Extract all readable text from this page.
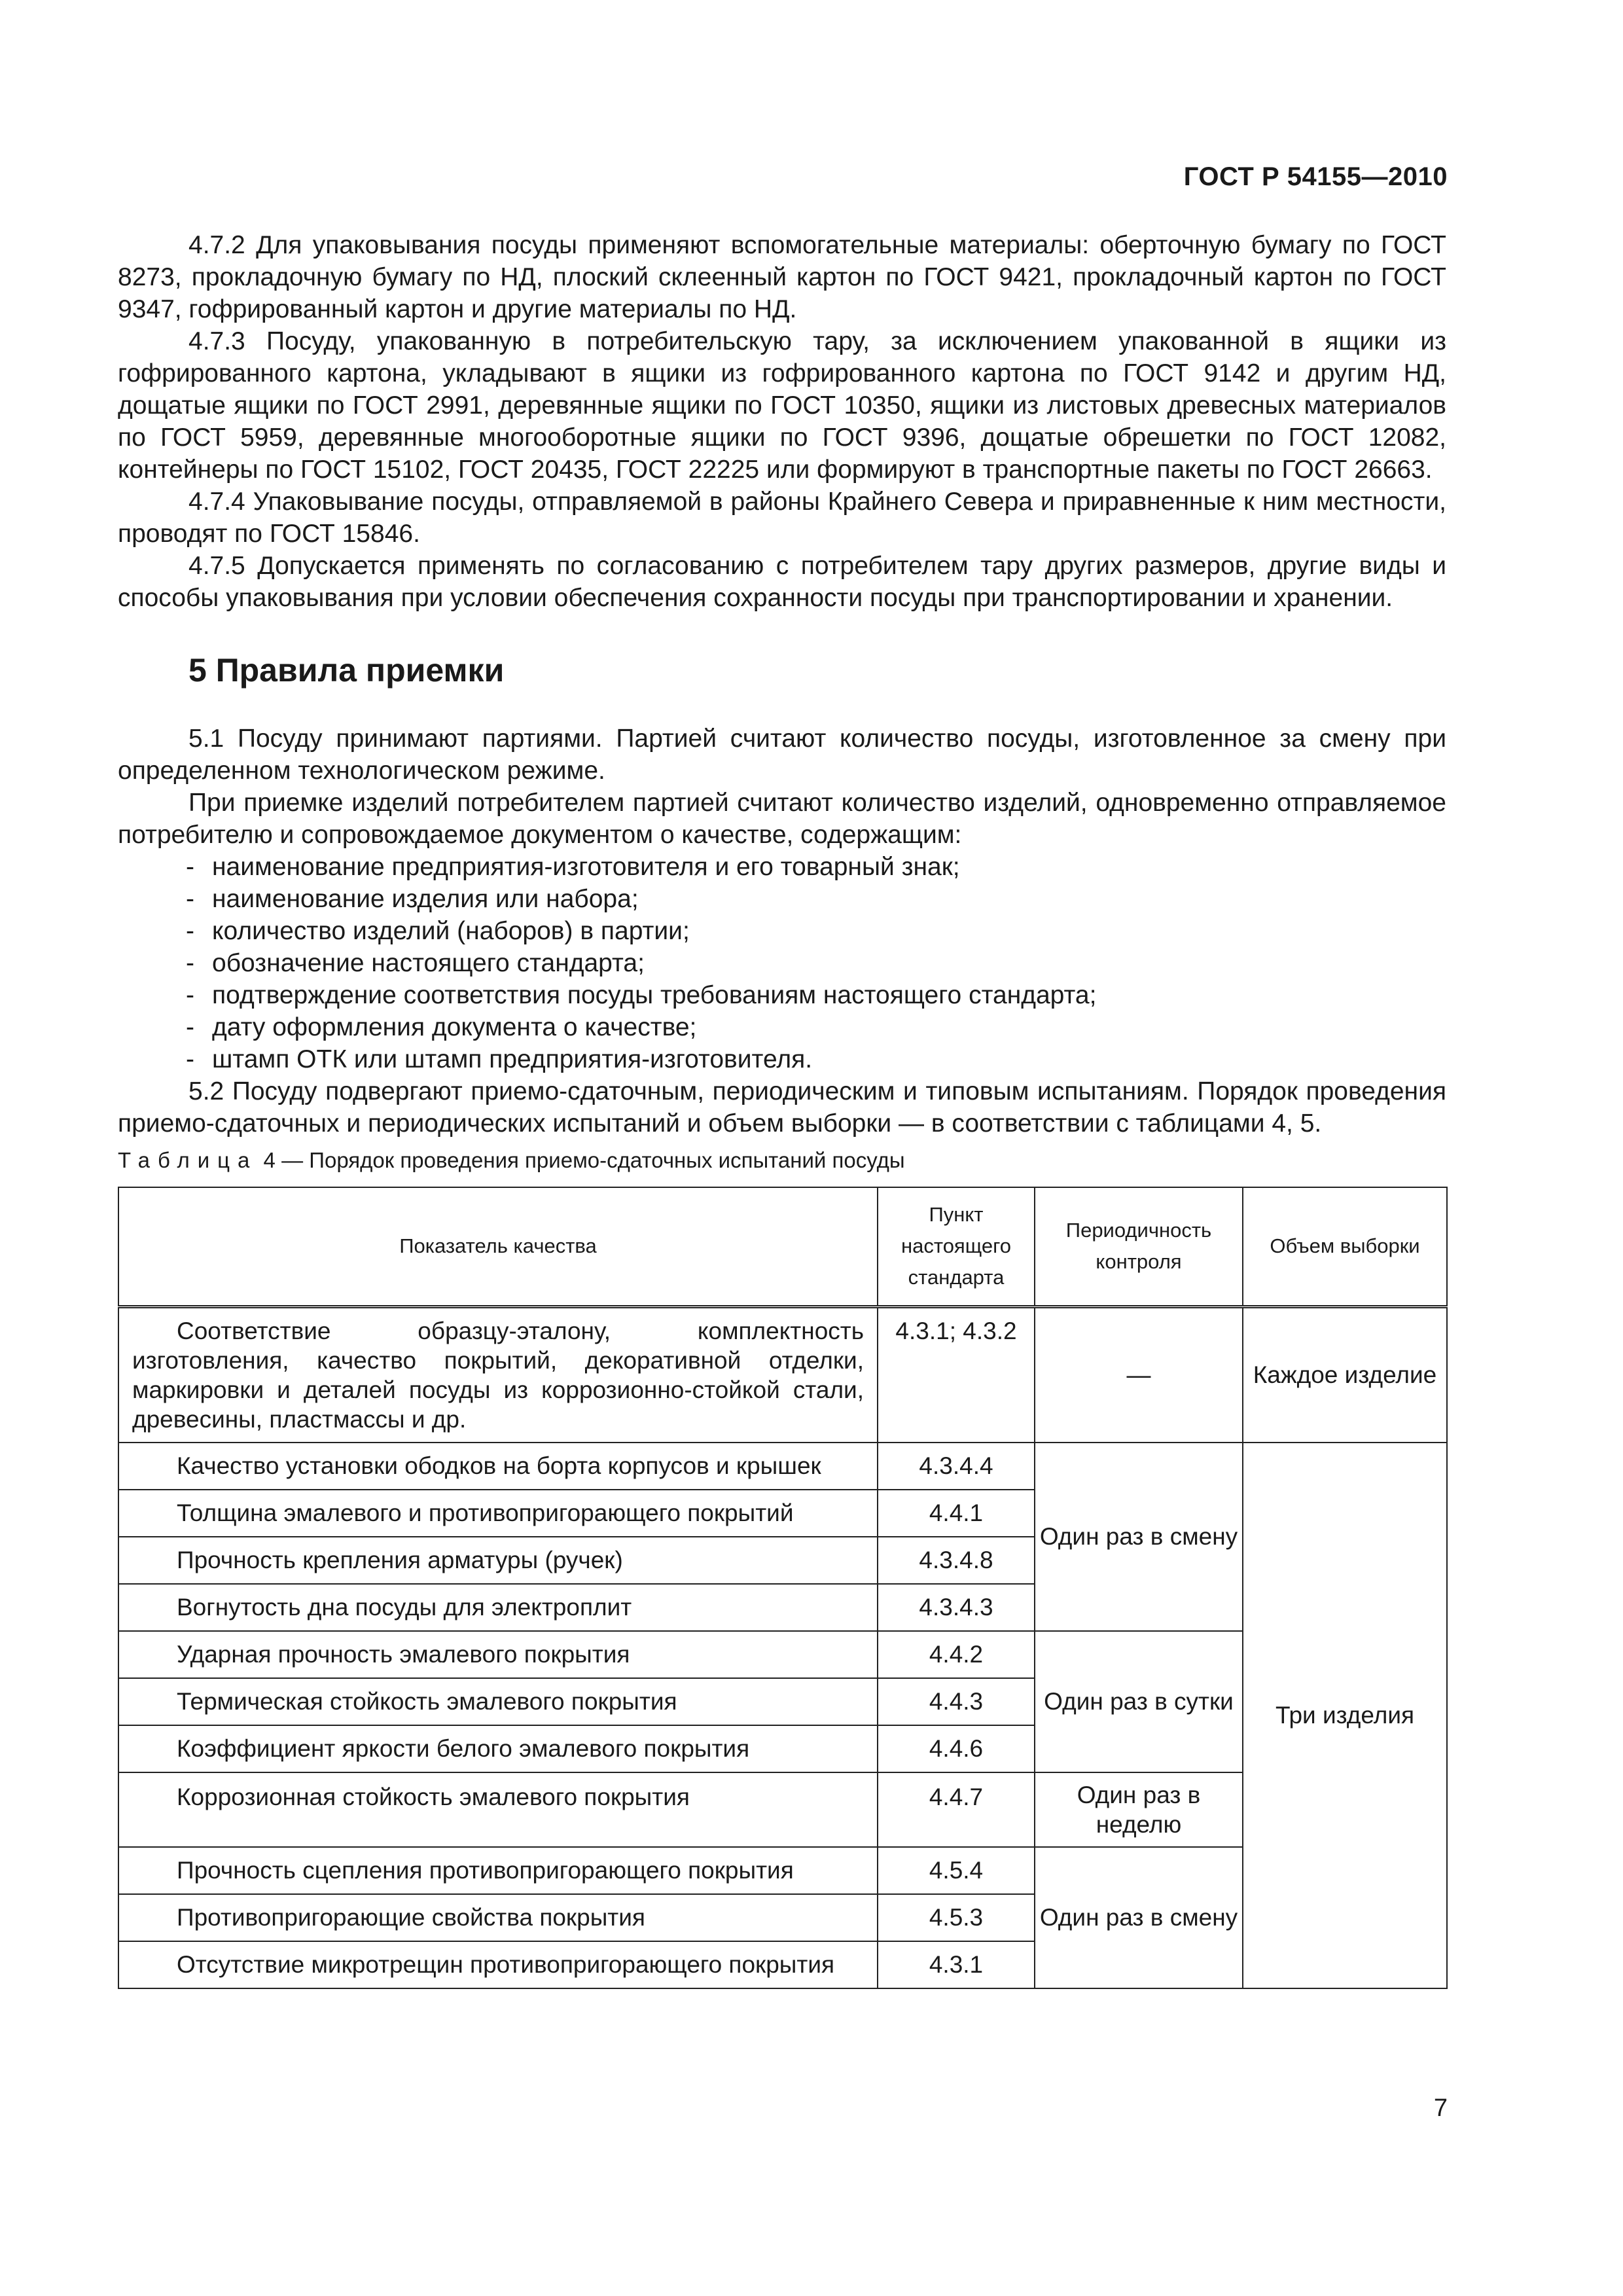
ГОСТ Р 54155—2010

4.7.2 Для упаковывания посуды применяют вспомогательные материалы: оберточную бумагу по ГОСТ 8273, прокладочную бумагу по НД, плоский склеенный картон по ГОСТ 9421, прокладочный картон по ГОСТ 9347, гофрированный картон и другие материалы по НД.

4.7.3 Посуду, упакованную в потребительскую тару, за исключением упакованной в ящики из гофрированного картона, укладывают в ящики из гофрированного картона по ГОСТ 9142 и другим НД, дощатые ящики по ГОСТ 2991, деревянные ящики по ГОСТ 10350, ящики из листовых древесных материалов по ГОСТ 5959, деревянные многооборотные ящики по ГОСТ 9396, дощатые обрешетки по ГОСТ 12082, контейнеры по ГОСТ 15102, ГОСТ 20435, ГОСТ 22225 или формируют в транспортные пакеты по ГОСТ 26663.

4.7.4 Упаковывание посуды, отправляемой в районы Крайнего Севера и приравненные к ним местности, проводят по ГОСТ 15846.

4.7.5 Допускается применять по согласованию с потребителем тару других размеров, другие виды и способы упаковывания при условии обеспечения сохранности посуды при транспортировании и хранении.

5 Правила приемки

5.1 Посуду принимают партиями. Партией считают количество посуды, изготовленное за смену при определенном технологическом режиме.

При приемке изделий потребителем партией считают количество изделий, одновременно отправляемое потребителю и сопровождаемое документом о качестве, содержащим:

- наименование предприятия-изготовителя и его товарный знак;
- наименование изделия или набора;
- количество изделий (наборов) в партии;
- обозначение настоящего стандарта;
- подтверждение соответствия посуды требованиям настоящего стандарта;
- дату оформления документа о качестве;
- штамп ОТК или штамп предприятия-изготовителя.

5.2 Посуду подвергают приемо-сдаточным, периодическим и типовым испытаниям. Порядок проведения приемо-сдаточных и периодических испытаний и объем выборки — в соответствии с таблицами 4, 5.

Таблица 4 — Порядок проведения приемо-сдаточных испытаний посуды
Показатель качества	Пункт настоящего стандарта	Периодичность контроля	Объем выборки

Соответствие образцу-эталону, комплектность изготовления, качество покрытий, декоративной отделки, маркировки и деталей посуды из коррозионно-стойкой стали, древесины, пластмассы и др.	4.3.1; 4.3.2	—	Каждое изделие
Качество установки ободков на борта корпусов и крышек	4.3.4.4	Один раз в смену	Три изделия
Толщина эмалевого и противопригорающего покрытий	4.4.1		
Прочность крепления арматуры (ручек)	4.3.4.8		
Вогнутость дна посуды для электроплит	4.3.4.3		
Ударная прочность эмалевого покрытия	4.4.2	Один раз в сутки	
Термическая стойкость эмалевого покрытия	4.4.3		
Коэффициент яркости белого эмалевого покрытия	4.4.6		
Коррозионная стойкость эмалевого покрытия	4.4.7	Один раз в неделю	
Прочность сцепления противопригорающего покрытия	4.5.4	Один раз в смену	
Противопригорающие свойства покрытия	4.5.3		
Отсутствие микротрещин противопригорающего покрытия	4.3.1		
7
